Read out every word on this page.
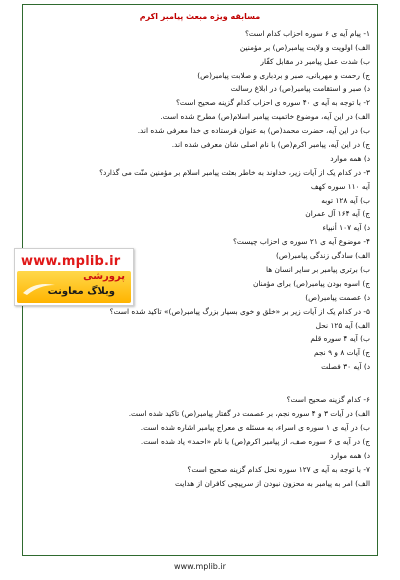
مسابقه ویژه مبعث پیامبر اکرم
۱- پیام آیه ی ۶ سوره احزاب کدام است؟
الف) اولویت و ولایت پیامبر(ص) بر مؤمنین
ب) شدت عمل پیامبر در مقابل کفّار
ج) رحمت و مهربانی، صبر و بردباری و صلابت پیامبر(ص)
د) صبر و استقامت پیامبر(ص) در ابلاغ رسالت
۲- با توجه به آیه ی ۴۰ سوره ی احزاب کدام گزینه صحیح است؟
الف) در این آیه، موضوع خاتمیت پیامبر اسلام(ص) مطرح شده است.
ب) در این آیه، حضرت محمد(ص) به عنوان فرستاده ی خدا معرفی شده اند.
ج) در این آیه، پیامبر اکرم(ص) با نام اصلی شان معرفی شده اند.
د) همه موارد
۳- در کدام یک از آیات زیر، خداوند به خاطر بعثت پیامبر اسلام بر مؤمنین منّت می گذارد؟
آیه ۱۱۰ سوره کهف
ب) آیه ۱۲۸ توبه
ج) آیه ۱۶۴ آل عمران
د) آیه ۱۰۷ أنبیاء
۴- موضوع آیه ی ۲۱ سوره ی احزاب چیست؟
الف) سادگی زندگی پیامبر(ص)
ب) برتری پیامبر بر سایر انسان ها
ج) اسوه بودن پیامبر(ص) برای مؤمنان
د) عصمت پیامبر(ص)
۵- در کدام یک از آیات زیر بر «خلق و خوی بسیار بزرگ پیامبر(ص)» تاکید شده است؟
الف) آیه ۱۲۵ نحل
ب) آیه ۴ سوره قلم
ج) آیات ۸ و ۹ نجم
د) آیه ۳۰ فصلت
۶- کدام گزینه صحیح است؟
الف) در آیات ۳ و ۴ سوره نجم، بر عصمت در گفتار پیامبر(ص) تاکید شده است.
ب) در آیه ی ۱ سوره ی اسراء، به مسئله ی معراج پیامبر اشاره شده است.
ج) در آیه ی ۶ سوره صف، از پیامبر اکرم(ص) با نام «احمد» یاد شده است.
د) همه موارد
۷- با توجه به آیه ی ۱۲۷ سوره نحل کدام گزینه صحیح است؟
الف) امر به پیامبر به محزون نبودن از سرپیچی کافران از هدایت
www.mplib.ir
پرورشی
وبلاگ معاونت
www.mplib.ir
